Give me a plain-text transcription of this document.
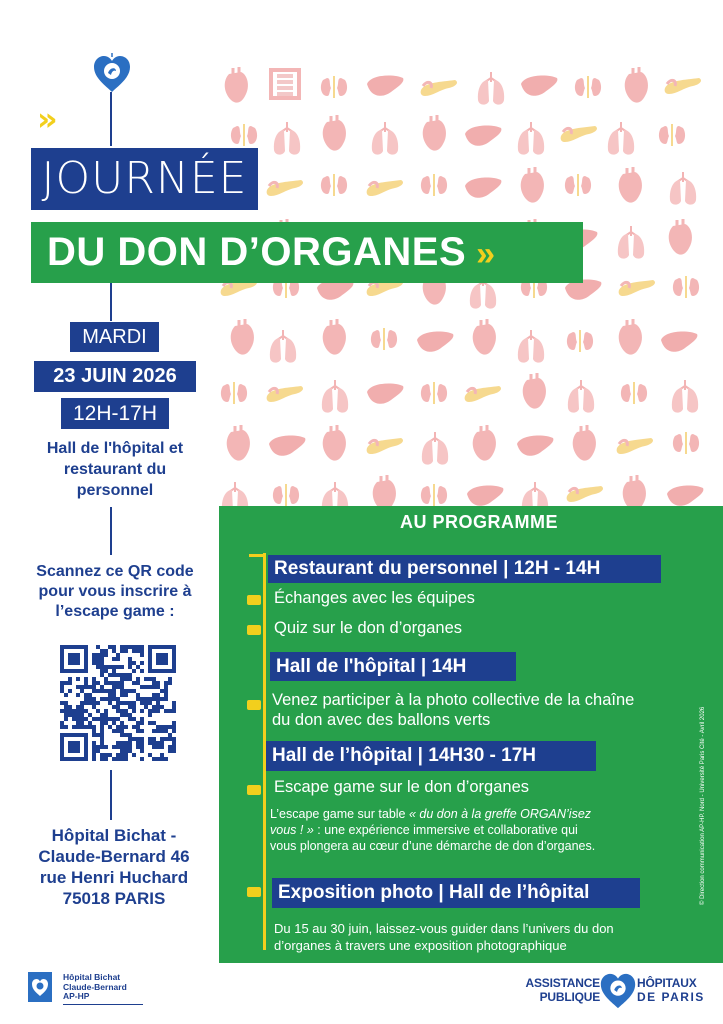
»
JOURNÉE
DU DON D’ORGANES »
MARDI
23 JUIN 2026
12H-17H
Hall de l'hôpital et restaurant du personnel
Scannez ce QR code pour vous inscrire à l’escape game :
Hôpital Bichat -
Claude-Bernard 46
rue Henri Huchard
75018 PARIS
AU PROGRAMME
Restaurant du personnel | 12H - 14H
Échanges avec les équipes
Quiz sur le don d’organes
Hall de l'hôpital | 14H
Venez participer à la photo collective de la chaîne
du don avec des ballons verts
Hall de l’hôpital | 14H30 - 17H
Escape game sur le don d’organes
L’escape game sur table « du don à la greffe ORGAN’isez
vous ! » : une expérience immersive et collaborative qui
vous plongera au cœur d’une démarche de don d’organes.
Exposition photo | Hall de l’hôpital
Du 15 au 30 juin, laissez-vous guider dans l’univers du don
d’organes à travers une exposition photographique
© Direction communication AP-HP. Nord - Université Paris Cité - Avril 2026
Hôpital Bichat
Claude-Bernard
AP-HP
ASSISTANCE
PUBLIQUE
HÔPITAUX
DE PARIS
